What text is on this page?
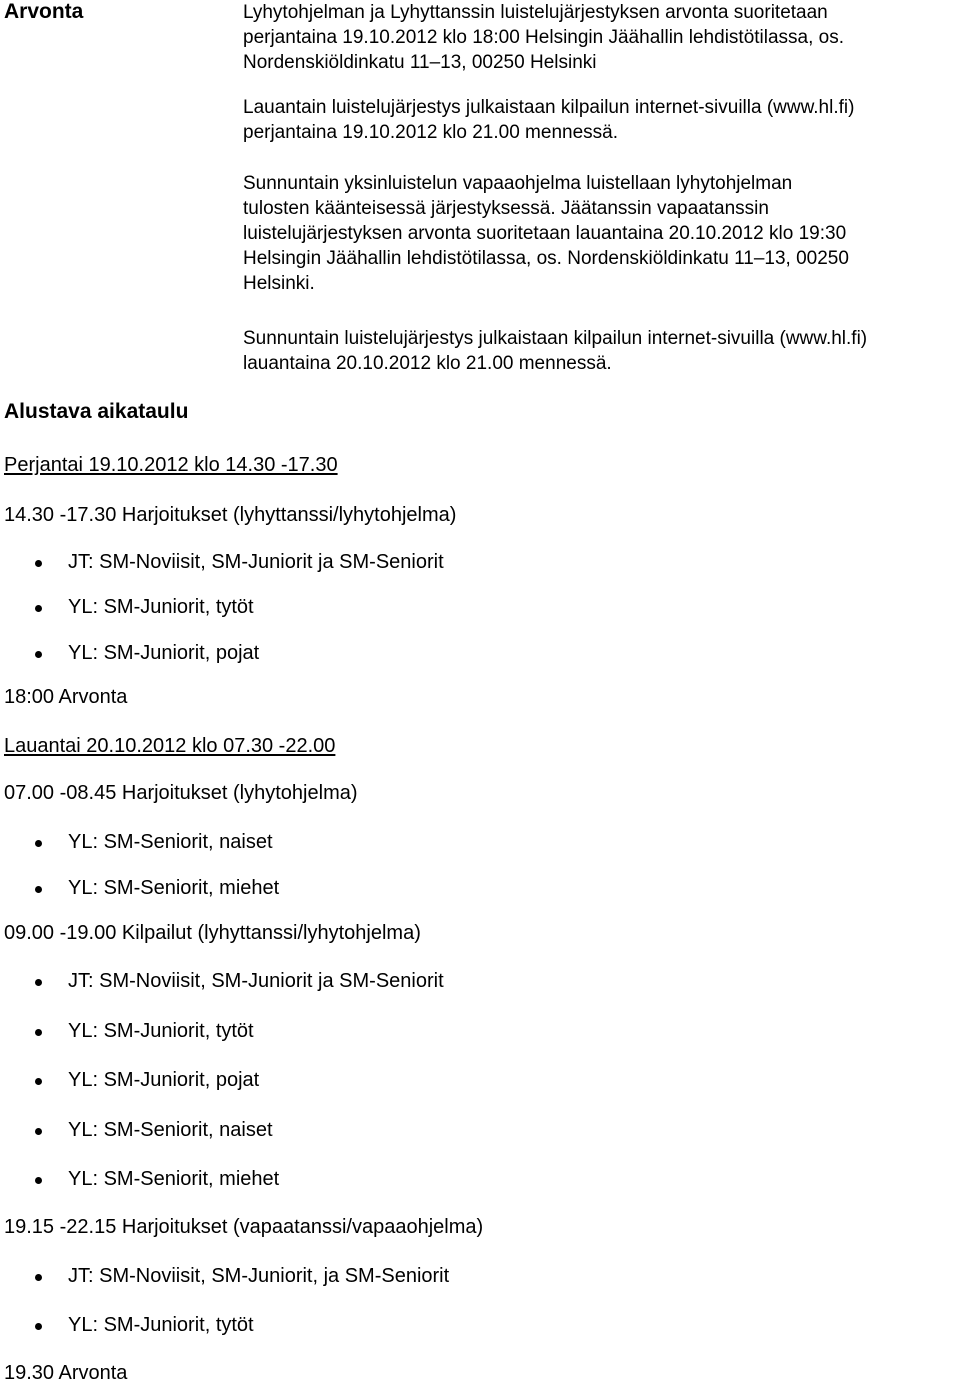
Arvonta	Lyhytohjelman ja Lyhyttanssin luistelujärjestyksen arvonta suoritetaan
perjantaina 19.10.2012 klo 18:00 Helsingin Jäähallin lehdistötilassa, os.
Nordenskiöldinkatu 11–13, 00250 Helsinki

Lauantain luistelujärjestys julkaistaan kilpailun internet-sivuilla (www.hl.fi)
perjantaina 19.10.2012 klo 21.00 mennessä.

Sunnuntain yksinluistelun vapaaohjelma luistellaan lyhytohjelman
tulosten käänteisessä järjestyksessä. Jäätanssin vapaatanssin
luistelujärjestyksen arvonta suoritetaan lauantaina 20.10.2012 klo 19:30
Helsingin Jäähallin lehdistötilassa, os. Nordenskiöldinkatu 11–13, 00250
Helsinki.

Sunnuntain luistelujärjestys julkaistaan kilpailun internet-sivuilla (www.hl.fi)
lauantaina 20.10.2012 klo 21.00 mennessä.

Alustava aikataulu

Perjantai 19.10.2012 klo 14.30 -17.30

14.30 -17.30 Harjoitukset (lyhyttanssi/lyhytohjelma)

JT: SM-Noviisit, SM-Juniorit ja SM-Seniorit
YL: SM-Juniorit, tytöt
YL: SM-Juniorit, pojat

18:00 Arvonta

Lauantai 20.10.2012 klo 07.30 -22.00

07.00 -08.45 Harjoitukset (lyhytohjelma)

YL: SM-Seniorit, naiset
YL: SM-Seniorit, miehet

09.00 -19.00 Kilpailut (lyhyttanssi/lyhytohjelma)

JT: SM-Noviisit, SM-Juniorit ja SM-Seniorit
YL: SM-Juniorit, tytöt
YL: SM-Juniorit, pojat
YL: SM-Seniorit, naiset
YL: SM-Seniorit, miehet

19.15 -22.15 Harjoitukset (vapaatanssi/vapaaohjelma)

JT: SM-Noviisit, SM-Juniorit, ja SM-Seniorit
YL: SM-Juniorit, tytöt

19.30 Arvonta
